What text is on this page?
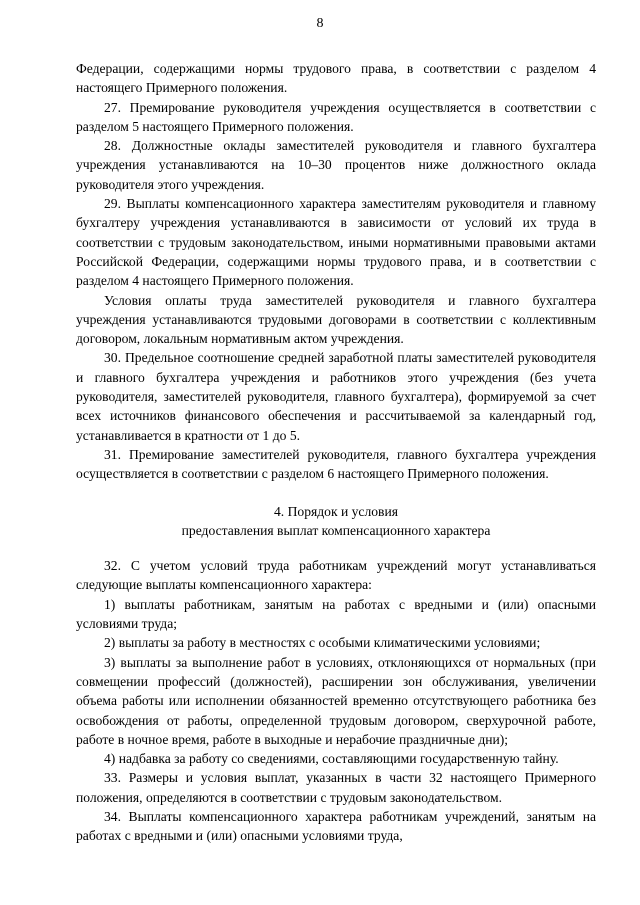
8

Федерации, содержащими нормы трудового права, в соответствии с разделом 4 настоящего Примерного положения.

27. Премирование руководителя учреждения осуществляется в соответствии с разделом 5 настоящего Примерного положения.

28. Должностные оклады заместителей руководителя и главного бухгалтера учреждения устанавливаются на 10–30 процентов ниже должностного оклада руководителя этого учреждения.

29. Выплаты компенсационного характера заместителям руководителя и главному бухгалтеру учреждения устанавливаются в зависимости от условий их труда в соответствии с трудовым законодательством, иными нормативными правовыми актами Российской Федерации, содержащими нормы трудового права, и в соответствии с разделом 4 настоящего Примерного положения.

Условия оплаты труда заместителей руководителя и главного бухгалтера учреждения устанавливаются трудовыми договорами в соответствии с коллективным договором, локальным нормативным актом учреждения.

30. Предельное соотношение средней заработной платы заместителей руководителя и главного бухгалтера учреждения и работников этого учреждения (без учета руководителя, заместителей руководителя, главного бухгалтера), формируемой за счет всех источников финансового обеспечения и рассчитываемой за календарный год, устанавливается в кратности от 1 до 5.

31. Премирование заместителей руководителя, главного бухгалтера учреждения осуществляется в соответствии с разделом 6 настоящего Примерного положения.

4. Порядок и условия
предоставления выплат компенсационного характера

32. С учетом условий труда работникам учреждений могут устанавливаться следующие выплаты компенсационного характера:

1) выплаты работникам, занятым на работах с вредными и (или) опасными условиями труда;

2) выплаты за работу в местностях с особыми климатическими условиями;

3) выплаты за выполнение работ в условиях, отклоняющихся от нормальных (при совмещении профессий (должностей), расширении зон обслуживания, увеличении объема работы или исполнении обязанностей временно отсутствующего работника без освобождения от работы, определенной трудовым договором, сверхурочной работе, работе в ночное время, работе в выходные и нерабочие праздничные дни);

4) надбавка за работу со сведениями, составляющими государственную тайну.

33. Размеры и условия выплат, указанных в части 32 настоящего Примерного положения, определяются в соответствии с трудовым законодательством.

34. Выплаты компенсационного характера работникам учреждений, занятым на работах с вредными и (или) опасными условиями труда,
